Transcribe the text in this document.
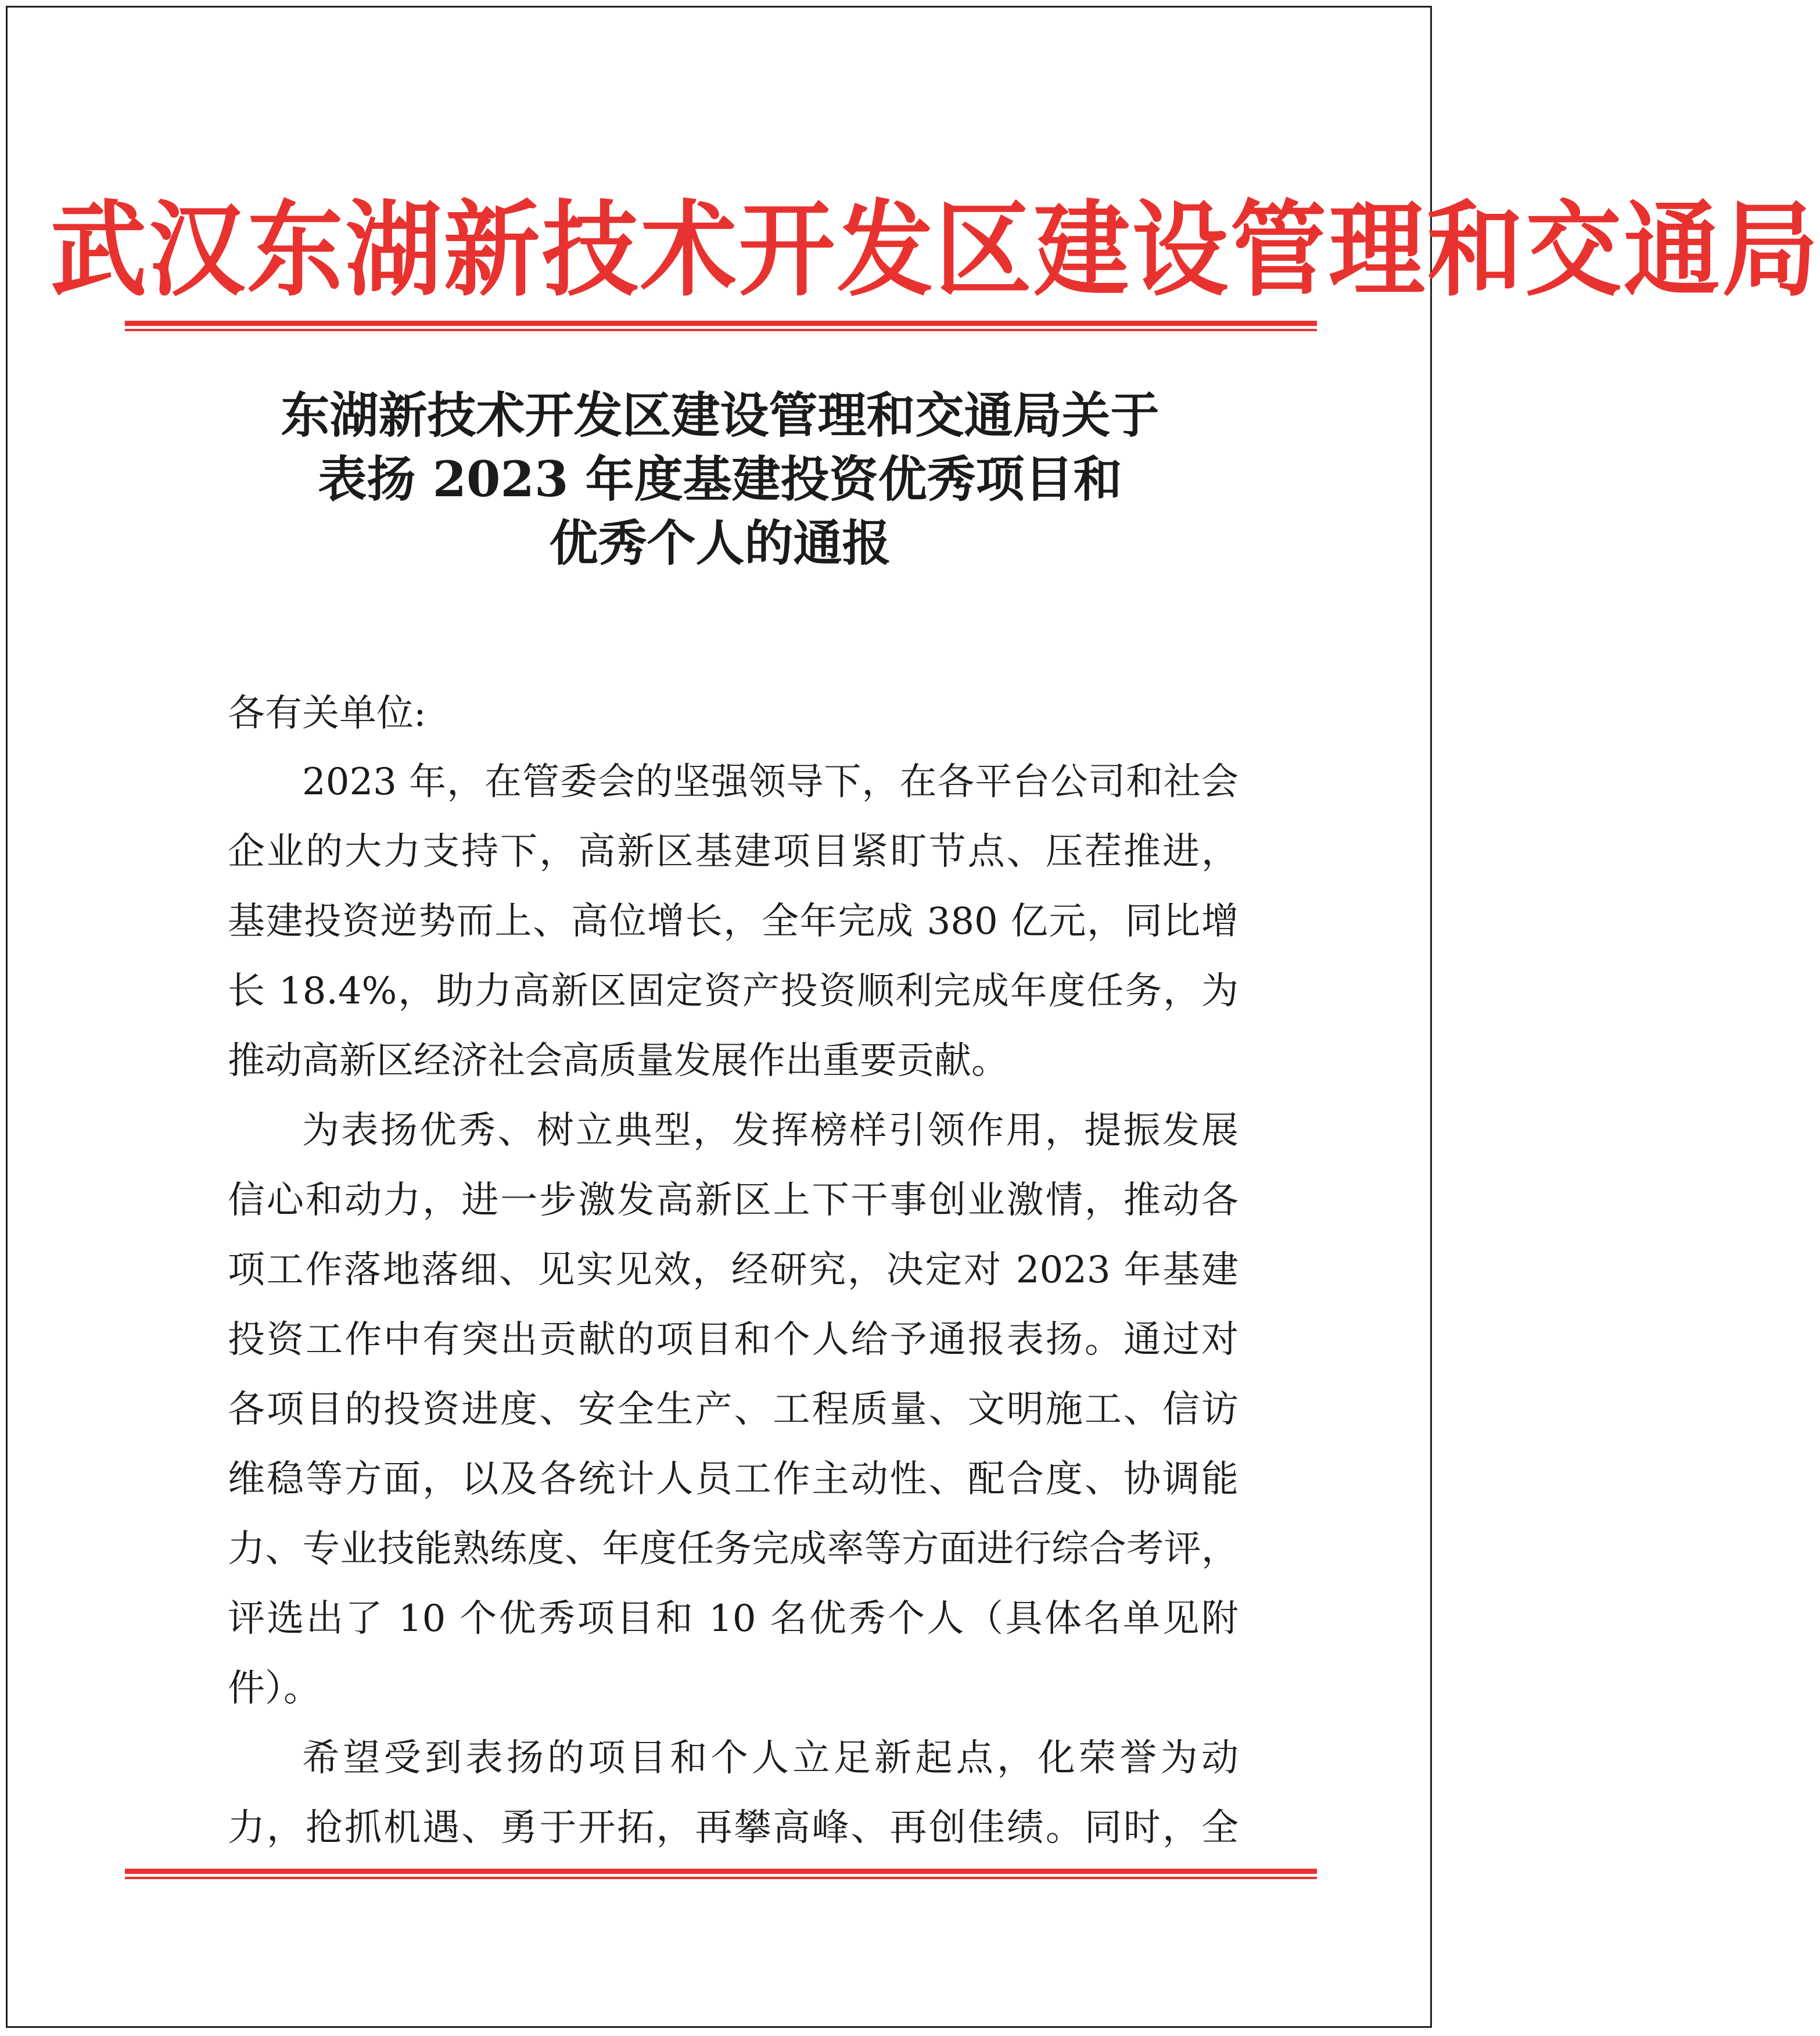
武汉东湖新技术开发区建设管理和交通局
东湖新技术开发区建设管理和交通局关于
表扬 2023 年度基建投资优秀项目和
优秀个人的通报
各有关单位:
2023 年，在管委会的坚强领导下，在各平台公司和社会
企业的大力支持下，高新区基建项目紧盯节点、压茬推进，
基建投资逆势而上、高位增长，全年完成 380 亿元，同比增
长 18.4%，助力高新区固定资产投资顺利完成年度任务，为
推动高新区经济社会高质量发展作出重要贡献。
为表扬优秀、树立典型，发挥榜样引领作用，提振发展
信心和动力，进一步激发高新区上下干事创业激情，推动各
项工作落地落细、见实见效，经研究，决定对 2023 年基建
投资工作中有突出贡献的项目和个人给予通报表扬。通过对
各项目的投资进度、安全生产、工程质量、文明施工、信访
维稳等方面，以及各统计人员工作主动性、配合度、协调能
力、专业技能熟练度、年度任务完成率等方面进行综合考评，
评选出了 10 个优秀项目和 10 名优秀个人（具体名单见附
件）。
希望受到表扬的项目和个人立足新起点，化荣誉为动
力，抢抓机遇、勇于开拓，再攀高峰、再创佳绩。同时，全
